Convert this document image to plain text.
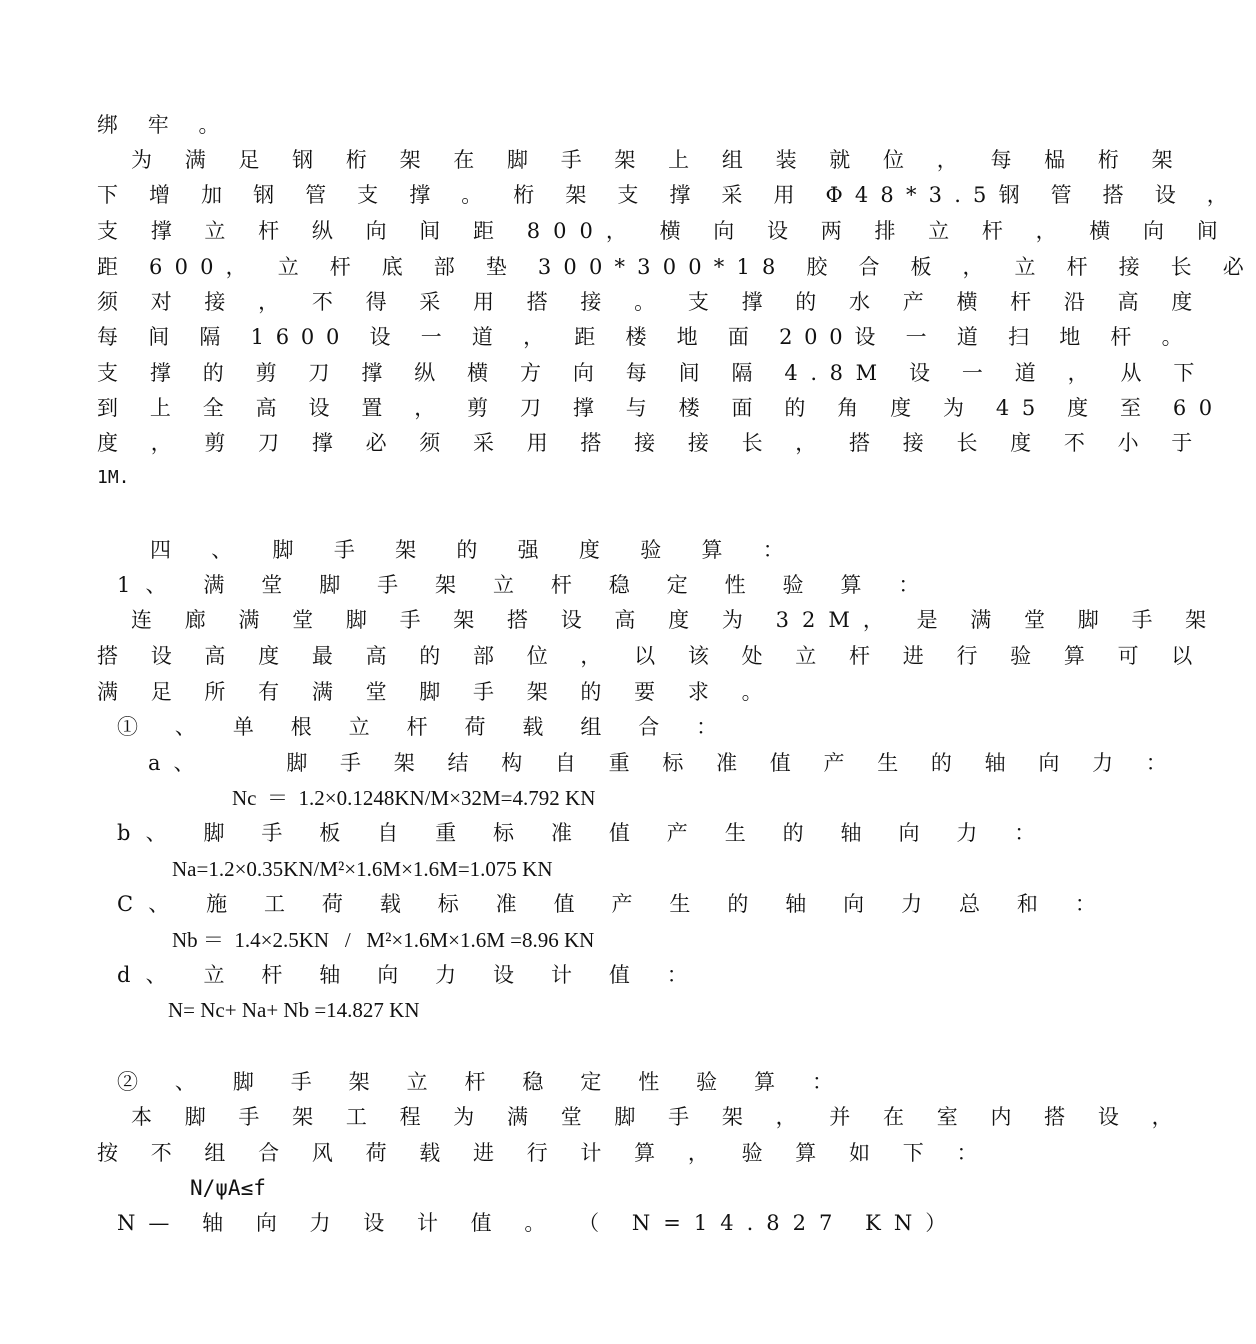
绑 牢 。
为 满 足 钢 桁 架 在 脚 手 架 上 组 装 就 位 ， 每 榀 桁 架
下 增 加 钢 管 支 撑 。 桁 架 支 撑 采 用 Φ48*3.5钢 管 搭 设 ，
支 撑 立 杆 纵 向 间 距 800， 横 向 设 两 排 立 杆 ， 横 向 间
距 600， 立 杆 底 部 垫 300*300*18 胶 合 板 ， 立 杆 接 长 必
须 对 接 ， 不 得 采 用 搭 接 。 支 撑 的 水 产 横 杆 沿 高 度
每 间 隔 1600 设 一 道 ， 距 楼 地 面 200设 一 道 扫 地 杆 。
支 撑 的 剪 刀 撑 纵 横 方 向 每 间 隔 4.8M 设 一 道 ， 从 下
到 上 全 高 设 置 ， 剪 刀 撑 与 楼 面 的 角 度 为 45 度 至 60
度 ， 剪 刀 撑 必 须 采 用 搭 接 接 长 ， 搭 接 长 度 不 小 于
1M.
四 、 脚 手 架 的 强 度 验 算 ：
1、 满 堂 脚 手 架 立 杆 稳 定 性 验 算 ：
连 廊 满 堂 脚 手 架 搭 设 高 度 为 32M， 是 满 堂 脚 手 架
搭 设 高 度 最 高 的 部 位 ， 以 该 处 立 杆 进 行 验 算 可 以
满 足 所 有 满 堂 脚 手 架 的 要 求 。
① 、 单 根 立 杆 荷 载 组 合 ：
a、    脚 手 架 结 构 自 重 标 准 值 产 生 的 轴 向 力 ：
Nc  ＝  1.2×0.1248KN/M×32M=4.792 KN
b、 脚 手 板 自 重 标 准 值 产 生 的 轴 向 力 ：
Na=1.2×0.35KN/M²×1.6M×1.6M=1.075 KN
C、 施 工 荷 载 标 准 值 产 生 的 轴 向 力 总 和 ：
Nb ＝  1.4×2.5KN   /   M²×1.6M×1.6M =8.96 KN
d、 立 杆 轴 向 力 设 计 值 ：
N= Nc+ Na+ Nb =14.827 KN
② 、 脚 手 架 立 杆 稳 定 性 验 算 ：
本 脚 手 架 工 程 为 满 堂 脚 手 架 ， 并 在 室 内 搭 设 ，
按 不 组 合 风 荷 载 进 行 计 算 ， 验 算 如 下 ：
N/ψA≤f
N— 轴 向 力 设 计 值 。 （ N=14.827 KN）
